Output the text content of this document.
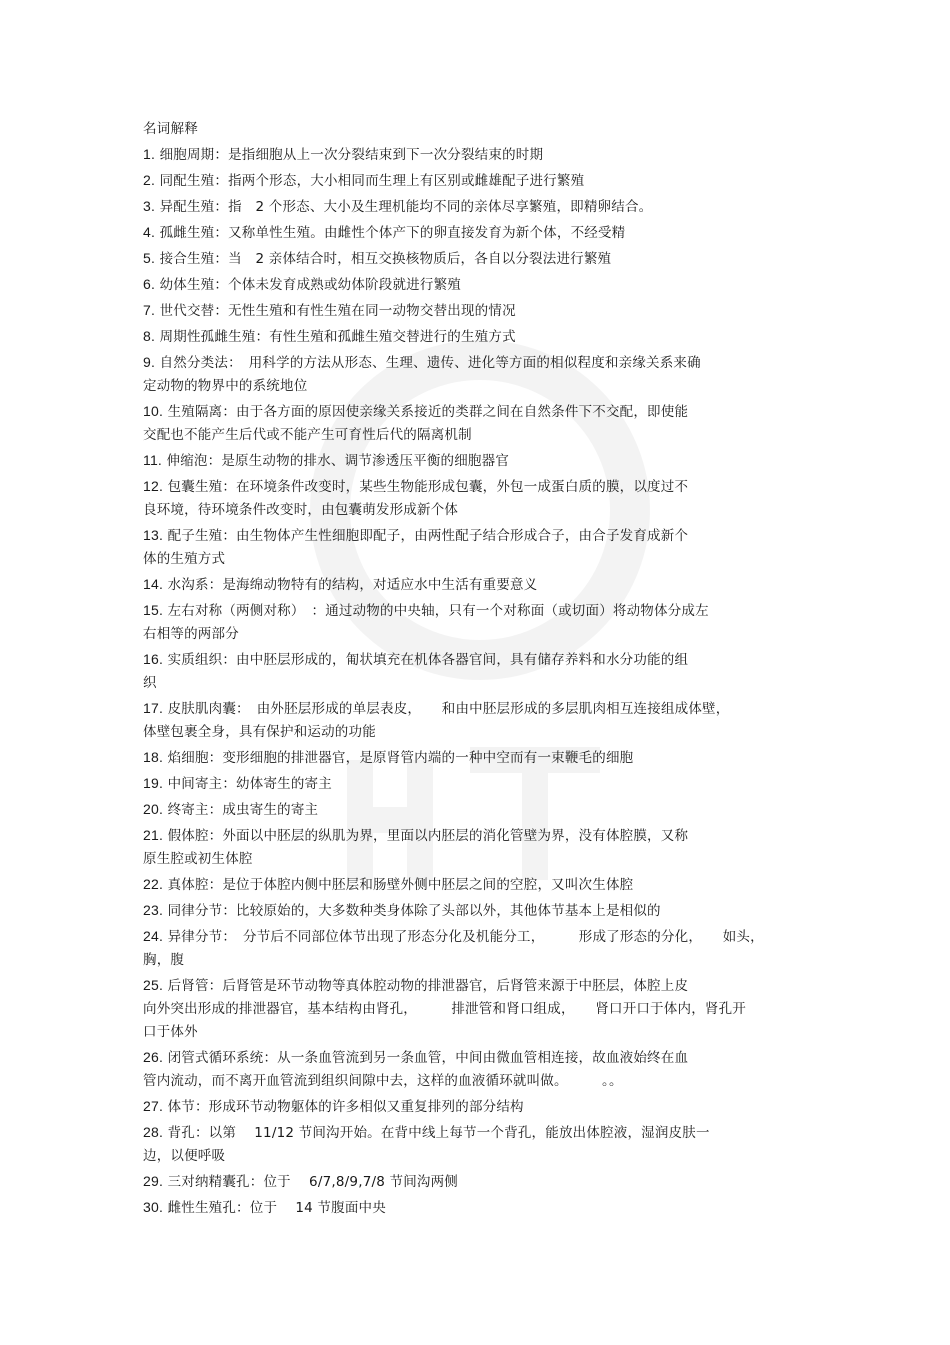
名词解释
1. 细胞周期：是指细胞从上一次分裂结束到下一次分裂结束的时期
2. 同配生殖：指两个形态，大小相同而生理上有区别或雌雄配子进行繁殖
3. 异配生殖：指　2 个形态、大小及生理机能均不同的亲体尽享繁殖，即精卵结合。
4. 孤雌生殖：又称单性生殖。由雌性个体产下的卵直接发育为新个体，不经受精
5. 接合生殖：当　2 亲体结合时，相互交换核物质后，各自以分裂法进行繁殖
6. 幼体生殖：个体未发育成熟或幼体阶段就进行繁殖
7. 世代交替：无性生殖和有性生殖在同一动物交替出现的情况
8. 周期性孤雌生殖：有性生殖和孤雌生殖交替进行的生殖方式
9. 自然分类法：　用科学的方法从形态、生理、遗传、进化等方面的相似程度和亲缘关系来确
定动物的物界中的系统地位
10. 生殖隔离：由于各方面的原因使亲缘关系接近的类群之间在自然条件下不交配，即使能
交配也不能产生后代或不能产生可育性后代的隔离机制
11. 伸缩泡：是原生动物的排水、调节渗透压平衡的细胞器官
12. 包囊生殖：在环境条件改变时，某些生物能形成包囊，外包一成蛋白质的膜，以度过不
良环境，待环境条件改变时，由包囊萌发形成新个体
13. 配子生殖：由生物体产生性细胞即配子，由两性配子结合形成合子，由合子发育成新个
体的生殖方式
14. 水沟系：是海绵动物特有的结构，对适应水中生活有重要意义
15. 左右对称（两侧对称）　：通过动物的中央轴，只有一个对称面（或切面）将动物体分成左
右相等的两部分
16. 实质组织：由中胚层形成的，匍状填充在机体各器官间，具有储存养料和水分功能的组
织
17. 皮肤肌肉囊：　由外胚层形成的单层表皮，　　和由中胚层形成的多层肌肉相互连接组成体壁，
体壁包裹全身，具有保护和运动的功能
18. 焰细胞：变形细胞的排泄器官，是原肾管内端的一种中空而有一束鞭毛的细胞
19. 中间寄主：幼体寄生的寄主
20. 终寄主：成虫寄生的寄主
21. 假体腔：外面以中胚层的纵肌为界，里面以内胚层的消化管壁为界，没有体腔膜，又称
原生腔或初生体腔
22. 真体腔：是位于体腔内侧中胚层和肠壁外侧中胚层之间的空腔，又叫次生体腔
23. 同律分节：比较原始的，大多数种类身体除了头部以外，其他体节基本上是相似的
24. 异律分节：　分节后不同部位体节出现了形态分化及机能分工，　　　形成了形态的分化，　　如头，
胸，腹
25. 后肾管：后肾管是环节动物等真体腔动物的排泄器官，后肾管来源于中胚层，体腔上皮
向外突出形成的排泄器官，基本结构由肾孔，　　　排泄管和肾口组成，　　肾口开口于体内，肾孔开
口于体外
26. 闭管式循环系统：从一条血管流到另一条血管，中间由微血管相连接，故血液始终在血
管内流动，而不离开血管流到组织间隙中去，这样的血液循环就叫做。　　　。。
27. 体节：形成环节动物躯体的许多相似又重复排列的部分结构
28. 背孔：以第　 11/12 节间沟开始。在背中线上每节一个背孔，能放出体腔液，湿润皮肤一
边，以便呼吸
29. 三对纳精囊孔：位于　 6/7,8/9,7/8 节间沟两侧
30. 雌性生殖孔：位于　 14 节腹面中央
